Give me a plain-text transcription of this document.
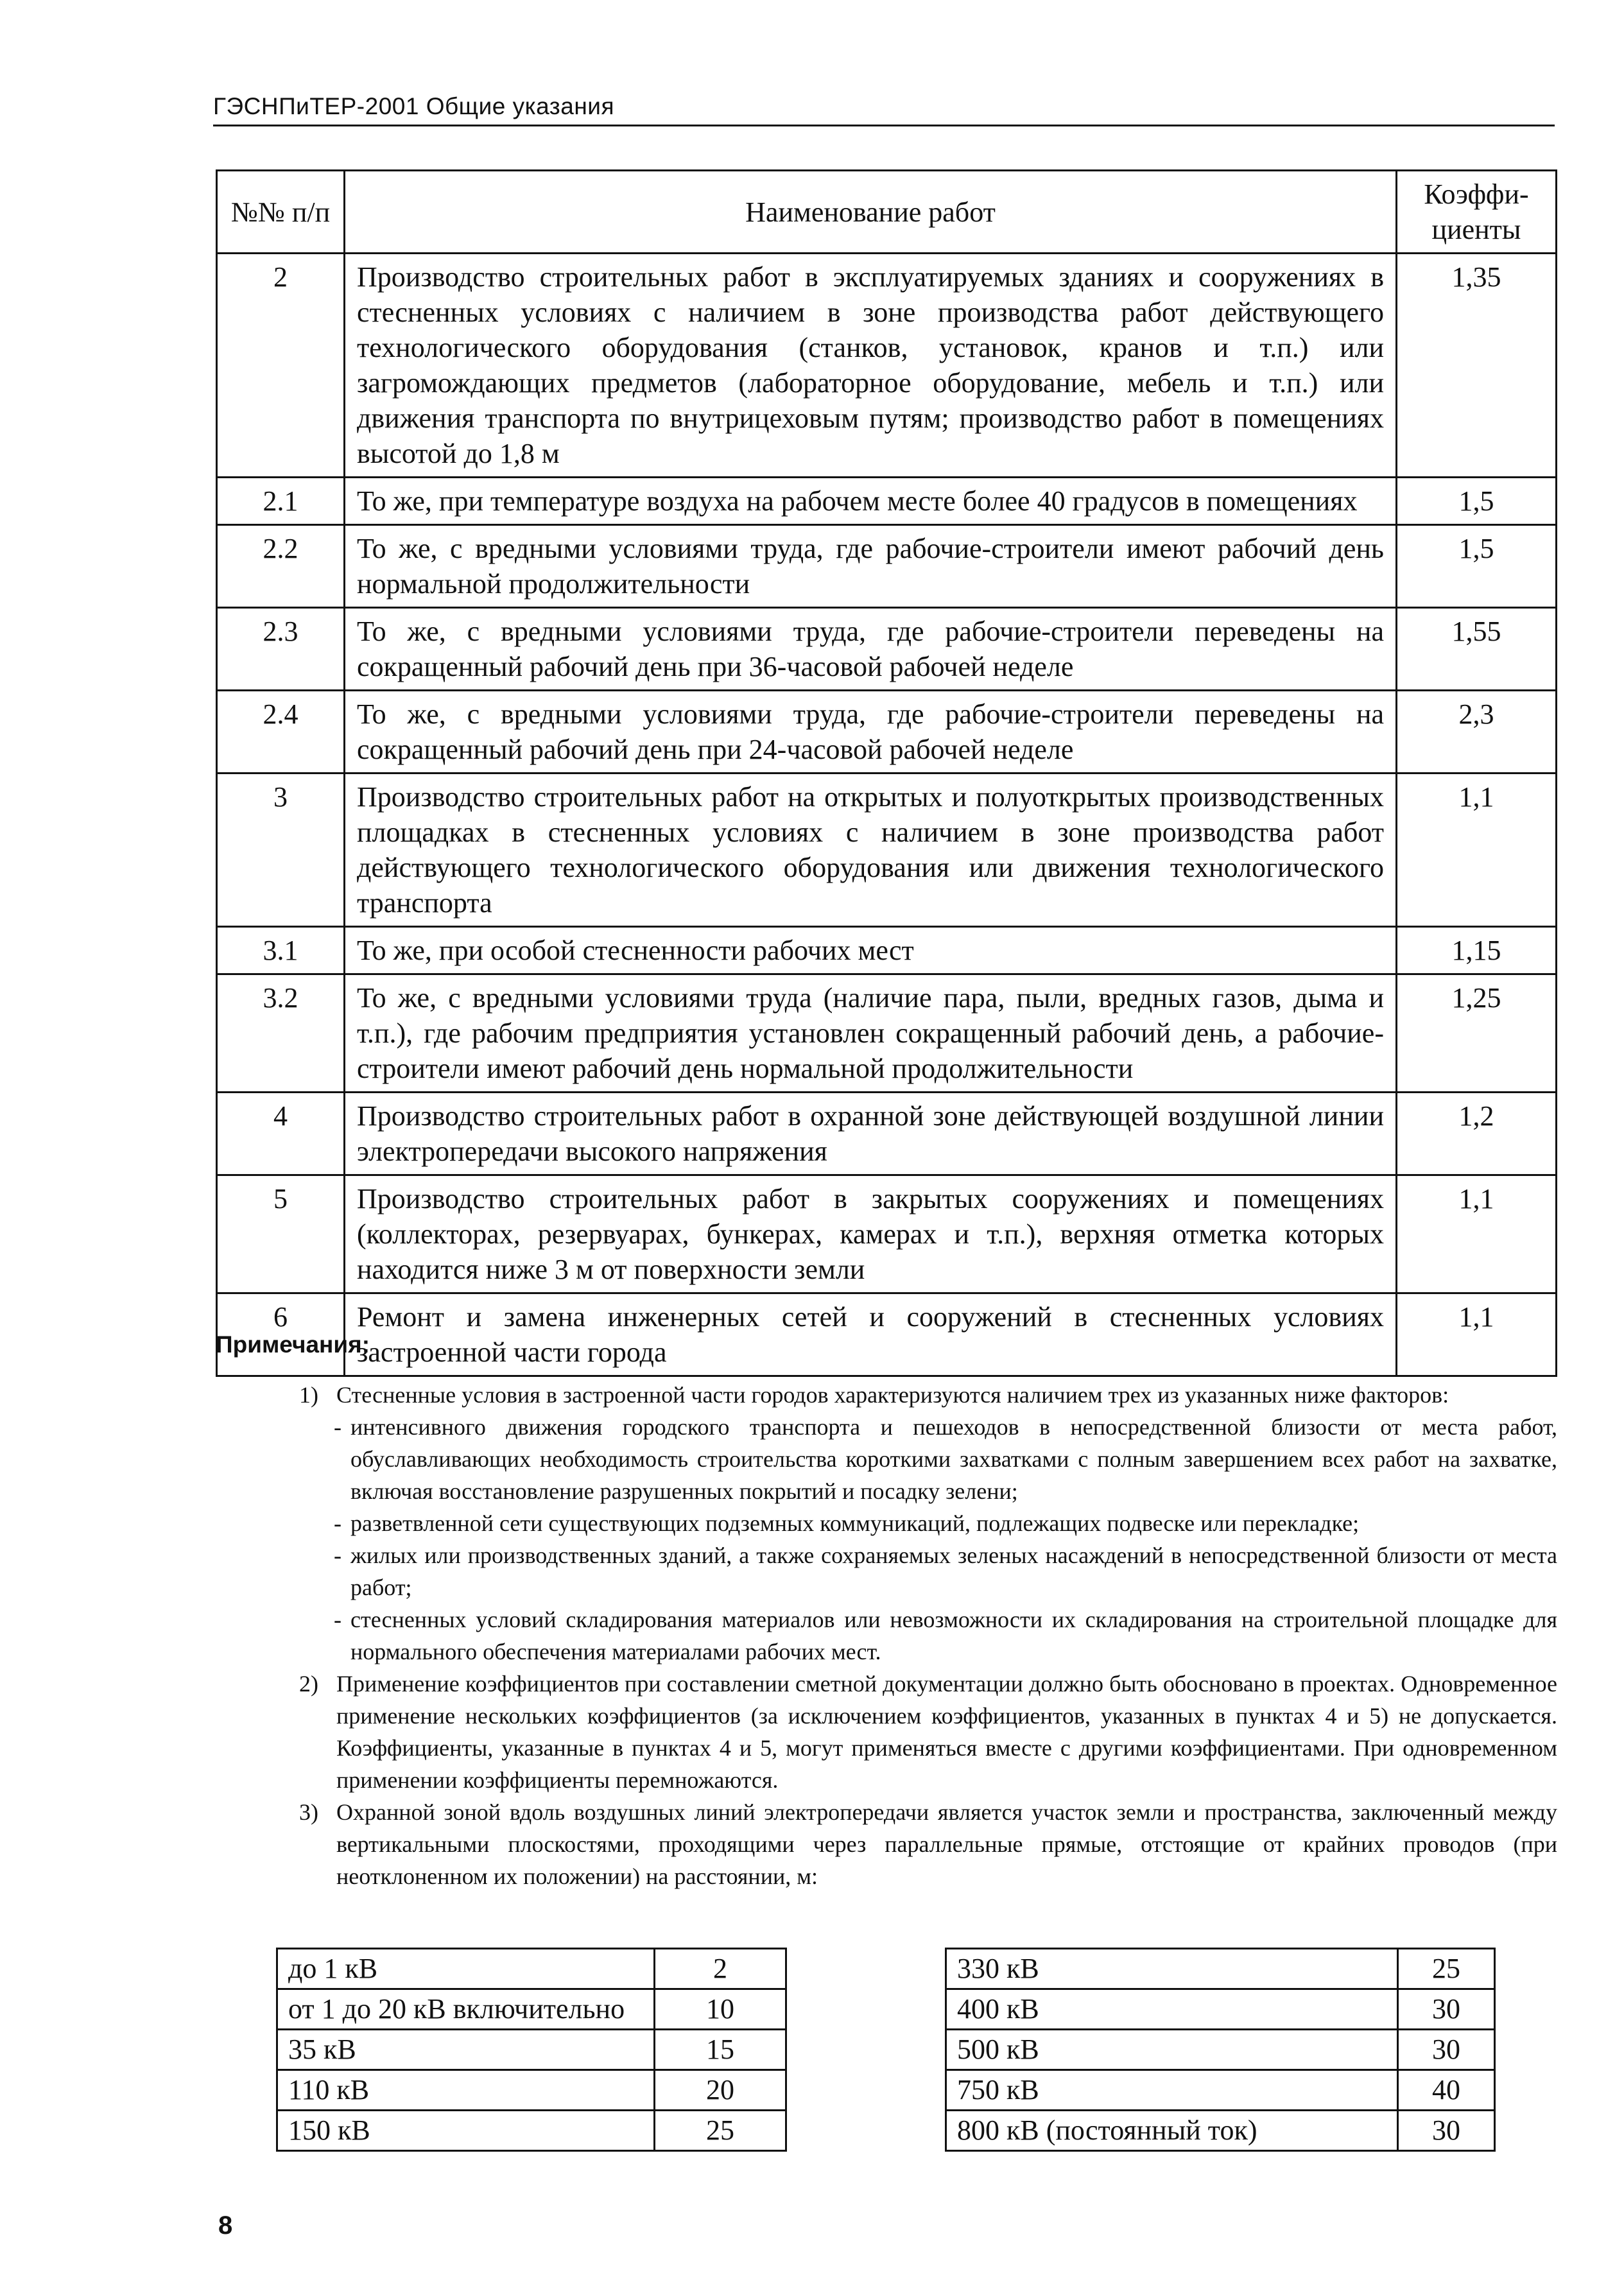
ГЭСНПиТЕР-2001 Общие указания
№№ п/п	Наименование работ	Коэффи- циенты
2	Производство строительных работ в эксплуатируемых зданиях и сооружениях в стесненных условиях с наличием в зоне производства работ действующего технологического оборудования (станков, установок, кранов и т.п.) или загромождающих предметов (лабораторное оборудование, мебель и т.п.) или движения транспорта по внутрицеховым путям; производство работ в помещениях высотой до 1,8 м	1,35
2.1	То же, при температуре воздуха на рабочем месте более 40 градусов в помещениях	1,5
2.2	То же, с вредными условиями труда, где рабочие-строители имеют рабочий день нормальной продолжительности	1,5
2.3	То же, с вредными условиями труда, где рабочие-строители переведены на сокращенный рабочий день при 36-часовой рабочей неделе	1,55
2.4	То же, с вредными условиями труда, где рабочие-строители переведены на сокращенный рабочий день при 24-часовой рабочей неделе	2,3
3	Производство строительных работ на открытых и полуоткрытых производственных площадках в стесненных условиях с наличием в зоне производства работ действующего технологического оборудования или движения технологического транспорта	1,1
3.1	То же, при особой стесненности рабочих мест	1,15
3.2	То же, с вредными условиями труда (наличие пара, пыли, вредных газов, дыма и т.п.), где рабочим предприятия установлен сокращенный рабочий день, а рабочие-строители имеют рабочий день нормальной продолжительности	1,25
4	Производство строительных работ в охранной зоне действующей воздушной линии электропередачи высокого напряжения	1,2
5	Производство строительных работ в закрытых сооружениях и помещениях (коллекторах, резервуарах, бункерах, камерах и т.п.), верхняя отметка которых находится ниже 3 м от поверхности земли	1,1
6	Ремонт и замена инженерных сетей и сооружений в стесненных условиях застроенной части города	1,1
Примечания:
1) Стесненные условия в застроенной части городов характеризуются наличием трех из указанных ниже факторов:
- интенсивного движения городского транспорта и пешеходов в непосредственной близости от места работ, обуславливающих необходимость строительства короткими захватками с полным завершением всех работ на захватке, включая восстановление разрушенных покрытий и посадку зелени;
- разветвленной сети существующих подземных коммуникаций, подлежащих подвеске или перекладке;
- жилых или производственных зданий, а также сохраняемых зеленых насаждений в непосредственной близости от места работ;
- стесненных условий складирования материалов или невозможности их складирования на строительной площадке для нормального обеспечения материалами рабочих мест.
2) Применение коэффициентов при составлении сметной документации должно быть обосновано в проектах. Одновременное применение нескольких коэффициентов (за исключением коэффициентов, указанных в пунктах 4 и 5) не допускается. Коэффициенты, указанные в пунктах 4 и 5, могут применяться вместе с другими коэффициентами. При одновременном применении коэффициенты перемножаются.
3) Охранной зоной вдоль воздушных линий электропередачи является участок земли и пространства, заключенный между вертикальными плоскостями, проходящими через параллельные прямые, отстоящие от крайних проводов (при неотклоненном их положении) на расстоянии, м:
до 1 кВ	2
от 1 до 20 кВ включительно	10
35 кВ	15
110 кВ	20
150 кВ	25
330 кВ	25
400 кВ	30
500 кВ	30
750 кВ	40
800 кВ (постоянный ток)	30
8
